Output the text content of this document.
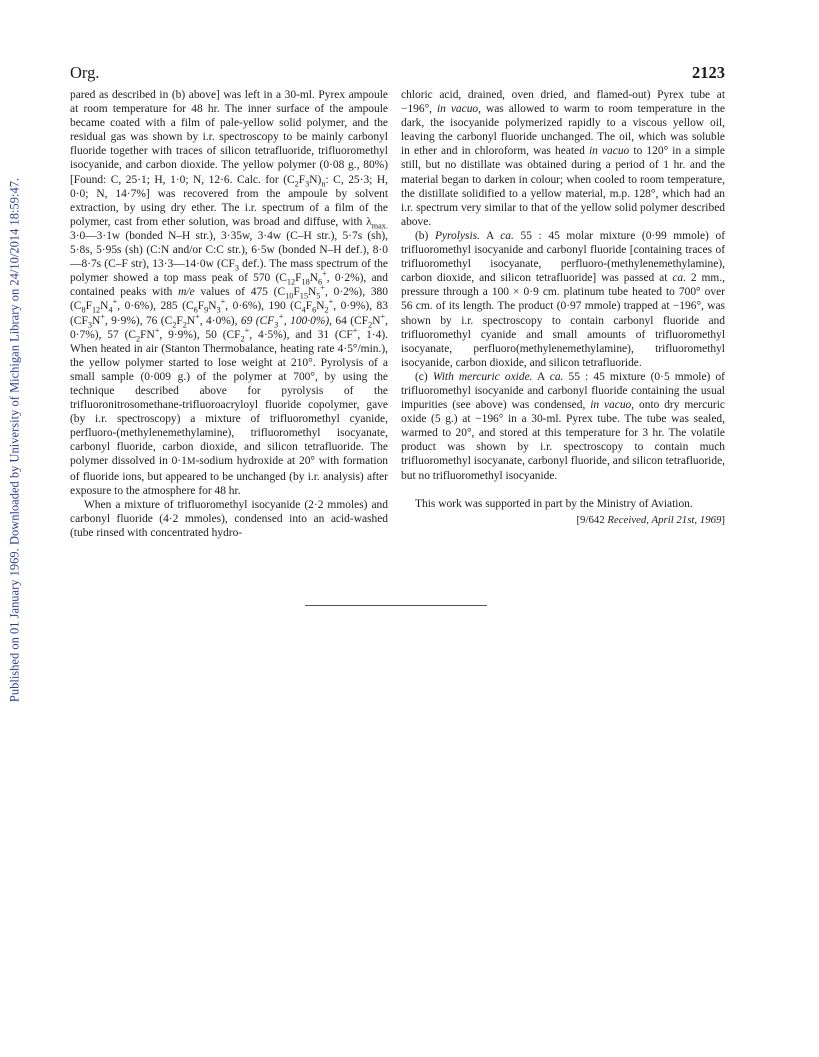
Published on 01 January 1969. Downloaded by University of Michigan Library on 24/10/2014 18:59:47.
Org.	2123

pared as described in (b) above] was left in a 30-ml. Pyrex ampoule at room temperature for 48 hr. The inner surface of the ampoule became coated with a film of pale-yellow solid polymer, and the residual gas was shown by i.r. spectroscopy to be mainly carbonyl fluoride together with traces of silicon tetrafluoride, trifluoromethyl isocyanide, and carbon dioxide. The yellow polymer (0·08 g., 80%) [Found: C, 25·1; H, 1·0; N, 12·6. Calc. for $(C_2F_3N)_n$: C, 25·3; H, 0·0; N, 14·7%] was recovered from the ampoule by solvent extraction, by using dry ether. The i.r. spectrum of a film of the polymer, cast from ether solution, was broad and diffuse, with $\lambda_{max.}$ 3·0—3·1w (bonded N–H str.), 3·35w, 3·4w (C–H str.), 5·7s (sh), 5·8s, 5·95s (sh) (C:N and/or C:C str.), 6·5w (bonded N–H def.), 8·0—8·7s (C–F str), 13·3—14·0w ($CF_3$ def.). The mass spectrum of the polymer showed a top mass peak of 570 ($C_{12}F_{18}N_6^+$, 0·2%), and contained peaks with m/e values of 475 ($C_{10}F_{15}N_5^+$, 0·2%), 380 ($C_8F_{12}N_4^+$, 0·6%), 285 ($C_6F_9N_3^+$, 0·6%), 190 ($C_4F_6N_2^+$, 0·9%), 83 ($CF_3N^+$, 9·9%), 76 ($C_2F_2N^+$, 4·0%), 69 ($CF_3^+$, 100·0%), 64 ($CF_2N^+$, 0·7%), 57 ($C_2FN^+$, 9·9%), 50 ($CF_2^+$, 4·5%), and 31 (CF+, 1·4). When heated in air (Stanton Thermobalance, heating rate 4·5°/min.), the yellow polymer started to lose weight at 210°. Pyrolysis of a small sample (0·009 g.) of the polymer at 700°, by using the technique described above for pyrolysis of the trifluoronitrosomethane-trifluoroacryloyl fluoride copolymer, gave (by i.r. spectroscopy) a mixture of trifluoromethyl cyanide, perfluoro-(methylenemethylamine), trifluoromethyl isocyanate, carbonyl fluoride, carbon dioxide, and silicon tetrafluoride. The polymer dissolved in 0·1M-sodium hydroxide at 20° with formation of fluoride ions, but appeared to be unchanged (by i.r. analysis) after exposure to the atmosphere for 48 hr.

When a mixture of trifluoromethyl isocyanide (2·2 mmoles) and carbonyl fluoride (4·2 mmoles), condensed into an acid-washed (tube rinsed with concentrated hydro-

chloric acid, drained, oven dried, and flamed-out) Pyrex tube at −196°, in vacuo, was allowed to warm to room temperature in the dark, the isocyanide polymerized rapidly to a viscous yellow oil, leaving the carbonyl fluoride unchanged. The oil, which was soluble in ether and in chloroform, was heated in vacuo to 120° in a simple still, but no distillate was obtained during a period of 1 hr. and the material began to darken in colour; when cooled to room temperature, the distillate solidified to a yellow material, m.p. 128°, which had an i.r. spectrum very similar to that of the yellow solid polymer described above.

(b) Pyrolysis. A ca. 55 : 45 molar mixture (0·99 mmole) of trifluoromethyl isocyanide and carbonyl fluoride [containing traces of trifluoromethyl isocyanate, perfluoro-(methylenemethylamine), carbon dioxide, and silicon tetrafluoride] was passed at ca. 2 mm., pressure through a 100 × 0·9 cm. platinum tube heated to 700° over 56 cm. of its length. The product (0·97 mmole) trapped at −196°, was shown by i.r. spectroscopy to contain carbonyl fluoride and trifluoromethyl cyanide and small amounts of trifluoromethyl isocyanate, perfluoro(methylenemethylamine), trifluoromethyl isocyanide, carbon dioxide, and silicon tetrafluoride.

(c) With mercuric oxide. A ca. 55 : 45 mixture (0·5 mmole) of trifluoromethyl isocyanide and carbonyl fluoride containing the usual impurities (see above) was condensed, in vacuo, onto dry mercuric oxide (5 g.) at −196° in a 30-ml. Pyrex tube. The tube was sealed, warmed to 20°, and stored at this temperature for 3 hr. The volatile product was shown by i.r. spectroscopy to contain much trifluoromethyl isocyanate, carbonyl fluoride, and silicon tetrafluoride, but no trifluoromethyl isocyanide.

This work was supported in part by the Ministry of Aviation.

[9/642 Received, April 21st, 1969]
